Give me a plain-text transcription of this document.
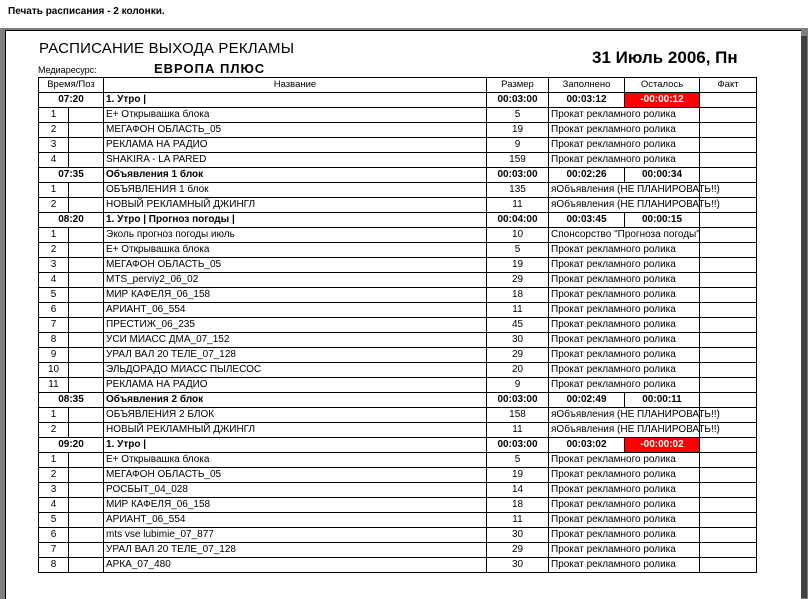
Печать расписания - 2 колонки.
РАСПИСАНИЕ ВЫХОДА РЕКЛАМЫ
Медиаресурс:	ЕВРОПА ПЛЮС
31 Июль 2006, Пн
Время/Поз		Название	Размер	Заполнено	Осталось	Факт
07:20		1. Утро |	00:03:00	00:03:12	-00:00:12	
1		Е+ Открывашка блока	5	Прокат рекламного ролика		
2		МЕГАФОН ОБЛАСТЬ_05	19	Прокат рекламного ролика		
3		РЕКЛАМА НА РАДИО	9	Прокат рекламного ролика		
4		SHAKIRA - LA PARED	159	Прокат рекламного ролика		
07:35		Объявления 1 блок	00:03:00	00:02:26	00:00:34	
1		ОБЪЯВЛЕНИЯ 1 блок	135	яОбъявления (НЕ ПЛАНИРОВАТЬ!!)		
2		НОВЫЙ РЕКЛАМНЫЙ ДЖИНГЛ	11	яОбъявления (НЕ ПЛАНИРОВАТЬ!!)		
08:20		1. Утро | Прогноз погоды |	00:04:00	00:03:45	00:00:15	
1		Эколь прогноз погоды июль	10	Спонсорство "Прогноза погоды"		
2		Е+ Открывашка блока	5	Прокат рекламного ролика		
3		МЕГАФОН ОБЛАСТЬ_05	19	Прокат рекламного ролика		
4		MTS_perviy2_06_02	29	Прокат рекламного ролика		
5		МИР КАФЕЛЯ_06_158	18	Прокат рекламного ролика		
6		АРИАНТ_06_554	11	Прокат рекламного ролика		
7		ПРЕСТИЖ_06_235	45	Прокат рекламного ролика		
8		УСИ МИАСС ДМА_07_152	30	Прокат рекламного ролика		
9		УРАЛ ВАЛ 20 ТЕЛЕ_07_128	29	Прокат рекламного ролика		
10		ЭЛЬДОРАДО МИАСС ПЫЛЕСОС	20	Прокат рекламного ролика		
11		РЕКЛАМА НА РАДИО	9	Прокат рекламного ролика		
08:35		Объявления 2 блок	00:03:00	00:02:49	00:00:11	
1		ОБЪЯВЛЕНИЯ 2 БЛОК	158	яОбъявления (НЕ ПЛАНИРОВАТЬ!!)		
2		НОВЫЙ РЕКЛАМНЫЙ ДЖИНГЛ	11	яОбъявления (НЕ ПЛАНИРОВАТЬ!!)		
09:20		1. Утро |	00:03:00	00:03:02	-00:00:02	
1		Е+ Открывашка блока	5	Прокат рекламного ролика		
2		МЕГАФОН ОБЛАСТЬ_05	19	Прокат рекламного ролика		
3		РОСБЫТ_04_028	14	Прокат рекламного ролика		
4		МИР КАФЕЛЯ_06_158	18	Прокат рекламного ролика		
5		АРИАНТ_06_554	11	Прокат рекламного ролика		
6		mts vse lubimie_07_877	30	Прокат рекламного ролика		
7		УРАЛ ВАЛ 20 ТЕЛЕ_07_128	29	Прокат рекламного ролика		
8		АРКА_07_480	30	Прокат рекламного ролика		
